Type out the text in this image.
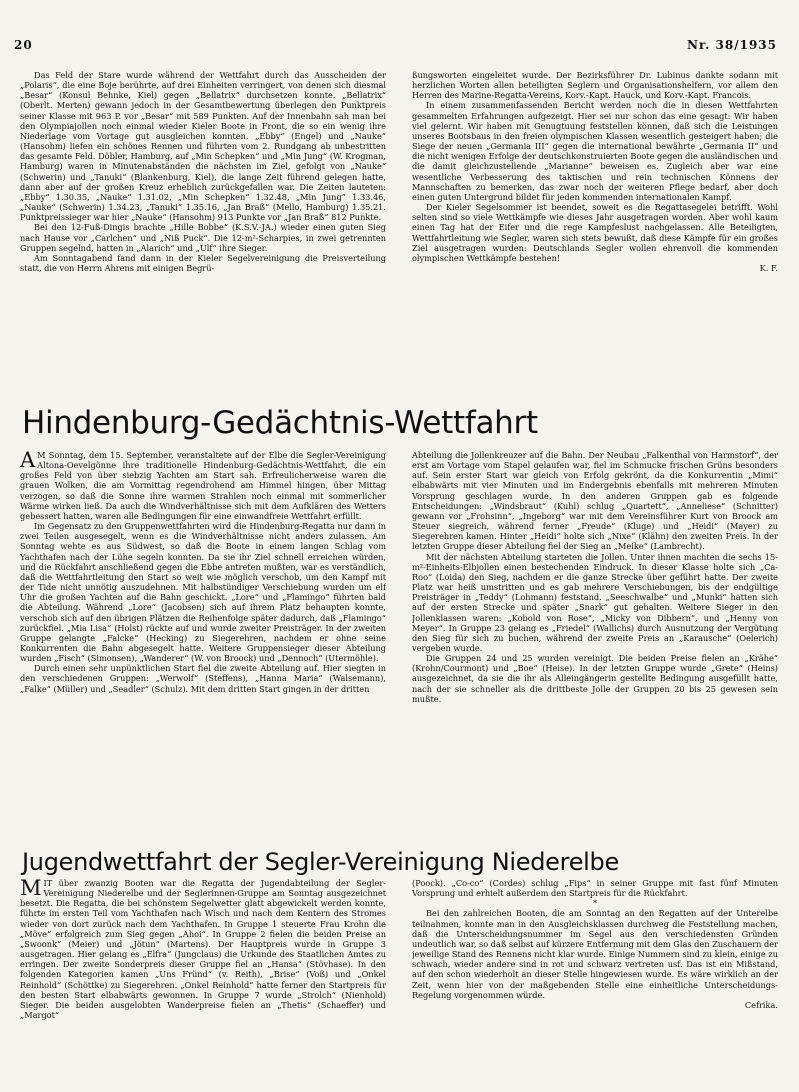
20	Nr. 38/1935

Das Feld der Stare wurde während der Wettfahrt durch das Ausscheiden der „Polaris“, die eine Boje berührte, auf drei Einheiten verringert, von denen sich diesmal „Besar“ (Konsul Behnke, Kiel) gegen „Bellatrix“ durchsetzen konnte. „Bellatrix“ (Oberlt. Merten) gewann jedoch in der Gesamtbewertung überlegen den Punktpreis seiner Klasse mit 963 P. vor „Besar“ mit 589 Punkten. Auf der Innenbahn sah man bei den Olympiajollen noch einmal wieder Kieler Boote in Front, die so ein wenig ihre Niederlage vom Vortage gut ausgleichen konnten. „Ebby“ (Engel) und „Nauke“ (Hansohm) liefen ein schönes Rennen und führten vom 2. Rundgang ab unbestritten das gesamte Feld. Döbler, Hamburg, auf „Min Schepken“ und „Min Jung“ (W. Krogman, Hamburg) waren in Minutenabständen die nächsten im Ziel, gefolgt von „Nauke“ (Schwerin) und „Tanuki“ (Blankenburg, Kiel), die lange Zeit führend gelegen hatte, dann aber auf der großen Kreuz erheblich zurückgefallen war. Die Zeiten lauteten: „Ebby“ 1.30.35, „Nauke“ 1.31.02, „Min Schepken“ 1.32.48, „Min Jung“ 1.33.46, „Nauke“ (Schwerin) 1.34.23, „Tanuki“ 1.35.16, „Jan Braß“ (Mello, Hamburg) 1.35.21. Punktpreissieger war hier „Nauke“ (Hansohm) 913 Punkte vor „Jan Braß“ 812 Punkte.

Bei den 12-Fuß-Dingis brachte „Hille Bobbe“ (K.S.V.-JA.) wieder einen guten Sieg nach Hause vor „Carlchen“ und „Niß Puck“. Die 12-m²-Scharpies, in zwei getrennten Gruppen segelnd, hatten in „Alarich“ und „Ulf“ ihre Sieger.

Am Sonntagabend fand dann in der Kieler Segelvereinigung die Preisverteilung statt, die von Herrn Ahrens mit einigen Begrü-

ßungsworten eingeleitet wurde. Der Bezirksführer Dr. Lubinus dankte sodann mit herzlichen Worten allen beteiligten Seglern und Organisationshelfern, vor allem den Herren des Marine-Regatta-Vereins, Korv.-Kapt. Hauck, und Korv.-Kapt. Francois.

In einem zusammenfassenden Bericht werden noch die in diesen Wettfahrten gesammelten Erfahrungen aufgezeigt. Hier sei nur schon das eine gesagt: Wir haben viel gelernt. Wir haben mit Genugtuung feststellen können, daß sich die Leistungen unseres Bootsbaus in den freien olympischen Klassen wesentlich gesteigert haben; die Siege der neuen „Germania III“ gegen die international bewährte „Germania II“ und die nicht wenigen Erfolge der deutschkonstruierten Boote gegen die ausländischen und die damit gleichzustellende „Marianne“ beweisen es. Zugleich aber war eine wesentliche Verbesserung des taktischen und rein technischen Könnens der Mannschaften zu bemerken, das zwar noch der weiteren Pflege bedarf, aber doch einen guten Untergrund bildet für jeden kommenden internationalen Kampf.

Der Kieler Segelsommer ist beendet, soweit es die Regattasegelei betrifft. Wohl selten sind so viele Wettkämpfe wie dieses Jahr ausgetragen worden. Aber wohl kaum einen Tag hat der Eifer und die rege Kampfeslust nachgelassen. Alle Beteiligten, Wettfahrtleitung wie Segler, waren sich stets bewußt, daß diese Kämpfe für ein großes Ziel ausgetragen wurden: Deutschlands Segler wollen ehrenvoll die kommenden olympischen Wettkämpfe bestehen!

K. F.

Hindenburg-Gedächtnis-Wettfahrt

A M Sonntag, dem 15. September, veranstaltete auf der Elbe die Segler-Vereinigung Altona-Oevelgönne ihre traditionelle Hindenburg-Gedächtnis-Wettfahrt, die ein großes Feld von über siebzig Yachten am Start sah. Erfreulicherweise waren die grauen Wolken, die am Vormittag regendrohend am Himmel hingen, über Mittag verzogen, so daß die Sonne ihre warmen Strahlen noch einmal mit sommerlicher Wärme wirken ließ. Da auch die Windverhältnisse sich mit dem Aufklären des Wetters gebessert hatten, waren alle Bedingungen für eine einwandfreie Wettfahrt erfüllt.

Im Gegensatz zu den Gruppenwettfahrten wird die Hindenburg-Regatta nur dann in zwei Teilen ausgesegelt, wenn es die Windverhältnisse nicht anders zulassen. Am Sonntag wehte es aus Südwest, so daß die Boote in einem langen Schlag vom Yachthafen nach der Lühe segeln konnten. Da sie ihr Ziel schnell erreichen würden, und die Rückfahrt anschließend gegen die Ebbe antreten mußten, war es verständlich, daß die Wettfahrtleitung den Start so weit wie möglich verschob, um den Kampf mit der Tide nicht unnötig auszudehnen. Mit halbstündiger Verschiebung wurden um elf Uhr die großen Yachten auf die Bahn geschickt. „Lore“ und „Flamingo“ führten bald die Abteilung. Während „Lore“ (Jacobsen) sich auf ihrem Platz behaupten konnte, verschob sich auf den übrigen Plätzen die Reihenfolge später dadurch, daß „Flamingo“ zurückfiel. „Mia Lisa“ (Holst) rückte auf und wurde zweiter Preisträger. In der zweiten Gruppe gelangte „Falcke“ (Hecking) zu Siegerehren, nachdem er ohne seine Konkurrenten die Bahn abgesegelt hatte. Weitere Gruppensieger dieser Abteilung wurden „Fisch“ (Simonsen), „Wanderer“ (W. von Broock) und „Dennoch“ (Utermöhle).

Durch einen sehr unpünktlichen Start fiel die zweite Abteilung auf. Hier siegten in den verschiedenen Gruppen: „Werwolf“ (Steffens), „Hanna Maria“ (Walsemann), „Falke“ (Müller) und „Seadler“ (Schulz). Mit dem dritten Start gingen in der dritten

Abteilung die Jollenkreuzer auf die Bahn. Der Neubau „Falkenthal von Harmstorf“, der erst am Vortage vom Stapel gelaufen war, fiel im Schmucke frischen Grüns besonders auf. Sein erster Start war gleich von Erfolg gekrönt, da die Konkurrentin „Mimi“ elbabwärts mit vier Minuten und im Endergebnis ebenfalls mit mehreren Minuten Vorsprung geschlagen wurde. In den anderen Gruppen gab es folgende Entscheidungen: „Windsbraut“ (Kuhl) schlug „Quartett“, „Anneliese“ (Schnitter) gewann vor „Frohsinn“, „Ingeborg“ war mit dem Vereinsführer Kurt von Broock am Steuer siegreich, während ferner „Freude“ (Kluge) und „Heidi“ (Mayer) zu Siegerehren kamen. Hinter „Heidi“ holte sich „Nixe“ (Klähn) den zweiten Preis. In der letzten Gruppe dieser Abteilung fiel der Sieg an „Meike“ (Lambrecht).

Mit der nächsten Abteilung starteten die Jollen. Unter ihnen machten die sechs 15-m²-Einheits-Elbjollen einen bestechenden Eindruck. In dieser Klasse holte sich „Ca-Roo“ (Loida) den Sieg, nachdem er die ganze Strecke über geführt hatte. Der zweite Platz war heiß umstritten und es gab mehrere Verschiebungen, bis der endgültige Preisträger in „Teddy“ (Lohmann) feststand. „Seeschwalbe“ und „Munki“ hatten sich auf der ersten Strecke und später „Snark“ gut gehalten. Weitere Sieger in den Jollenklassen waren: „Kobold von Rose“, „Micky von Dibbern“, und „Henny von Meyer“. In Gruppe 23 gelang es „Friedel“ (Wallichs) durch Ausnutzung der Vergütung den Sieg für sich zu buchen, während der zweite Preis an „Karausche“ (Oelerich) vergeben wurde.

Die Gruppen 24 und 25 wurden vereinigt. Die beiden Preise fielen an „Krähe“ (Krohn/Courmont) und „Boe“ (Heise). In der letzten Gruppe wurde „Grete“ (Heins) ausgezeichnet, da sie die ihr als Alleingängerin gestellte Bedingung ausgefüllt hatte, nach der sie schneller als die drittbeste Jolle der Gruppen 20 bis 25 gewesen sein mußte.

Jugendwettfahrt der Segler-Vereinigung Niederelbe

MIT über zwanzig Booten war die Regatta der Jugendabteilung der Segler-Vereinigung Niederelbe und der Seglerinnen-Gruppe am Sonntag ausgezeichnet besetzt. Die Regatta, die bei schönstem Segelwetter glatt abgewickelt werden konnte, führte im ersten Teil vom Yachthafen nach Wisch und nach dem Kentern des Stromes wieder von dort zurück nach dem Yachthafen. In Gruppe 1 steuerte Frau Krohn die „Möve“ erfolgreich zum Sieg gegen „Ahoi“. In Gruppe 2 fielen die beiden Preise an „Swoonk“ (Meier) und „Jötun“ (Martens). Der Hauptpreis wurde in Gruppe 3 ausgetragen. Hier gelang es „Elfra“ (Jungclaus) die Urkunde des Staatlichen Amtes zu erringen. Der zweite Sonderpreis dieser Gruppe fiel an „Hansa“ (Stövhase). In den folgenden Kategorien kamen „Uns Fründ“ (v. Reith), „Brise“ (Voß) und „Onkel Reinhold“ (Schöttke) zu Siegerehren. „Onkel Reinhold“ hatte ferner den Startpreis für den besten Start elbabwärts gewonnen. In Gruppe 7 wurde „Strolch“ (Nienhold) Sieger. Die beiden ausgelobten Wanderpreise fielen an „Thetis“ (Schaeffer) und „Margot“

(Poock). „Co-co“ (Cordes) schlug „Fips“ in seiner Gruppe mit fast fünf Minuten Vorsprung und erhielt außerdem den Startpreis für die Rückfahrt.

*

Bei den zahlreichen Booten, die am Sonntag an den Regatten auf der Unterelbe teilnahmen, konnte man in den Ausgleichsklassen durchweg die Feststellung machen, daß die Unterscheidungsnummer im Segel aus den verschiedensten Gründen undeutlich war, so daß selbst auf kürzere Entfernung mit dem Glas den Zuschauern der jeweilige Stand des Rennens nicht klar wurde. Einige Nummern sind zu klein, einige zu schwach, wieder andere sind in rot und schwarz vertreten usf. Das ist ein Mißstand, auf den schon wiederholt an dieser Stelle hingewiesen wurde. Es wäre wirklich an der Zeit, wenn hier von der maßgebenden Stelle eine einheitliche Unterscheidungs-Regelung vorgenommen würde.

Cefrika.
